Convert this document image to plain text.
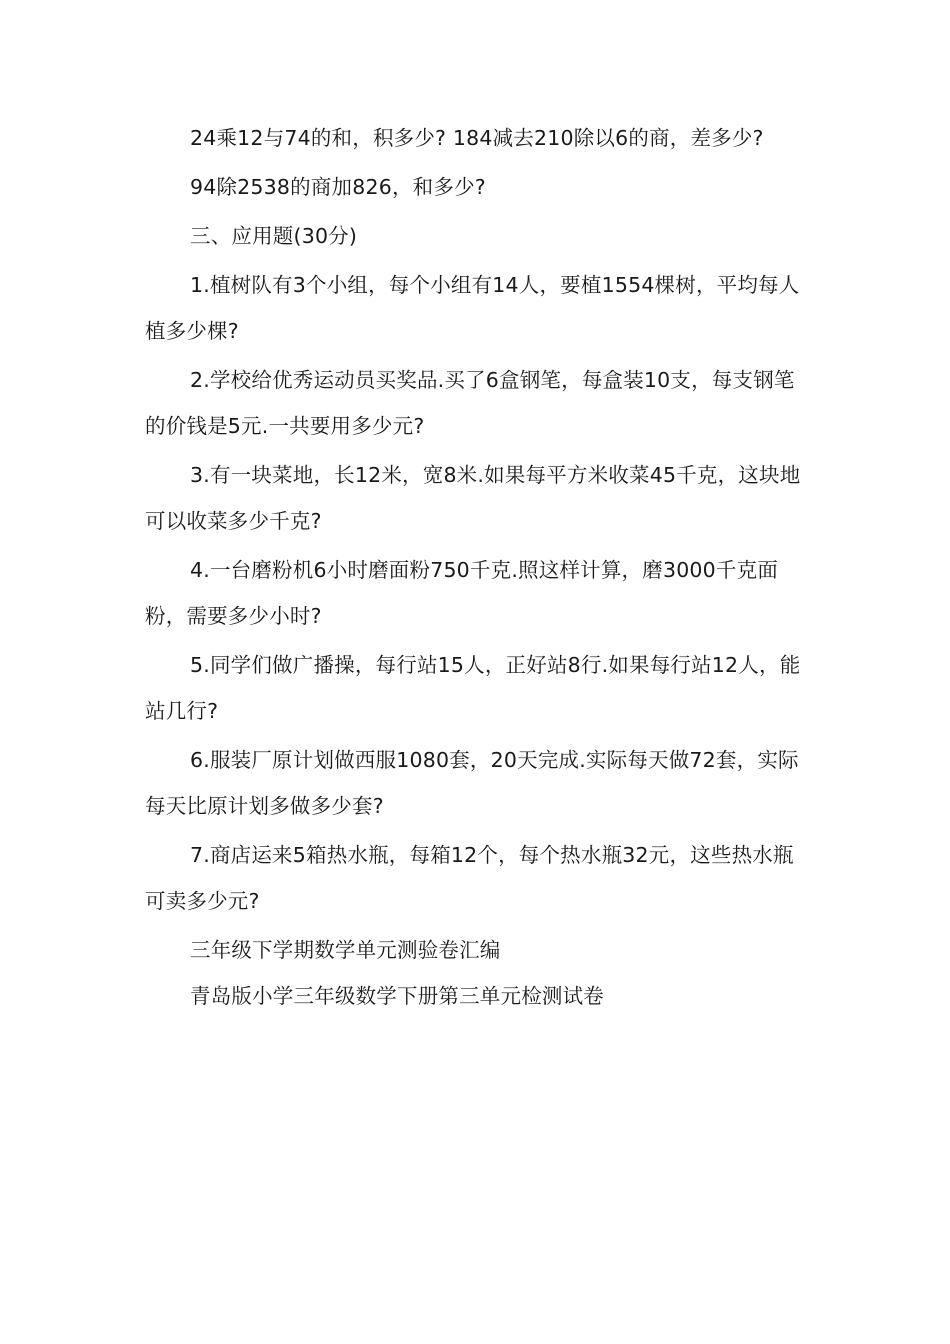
24乘12与74的和，积多少? 184减去210除以6的商，差多少?

94除2538的商加826，和多少?

三、应用题(30分)

1.植树队有3个小组，每个小组有14人，要植1554棵树，平均每人植多少棵?

2.学校给优秀运动员买奖品.买了6盒钢笔，每盒装10支，每支钢笔的价钱是5元.一共要用多少元?

3.有一块菜地，长12米，宽8米.如果每平方米收菜45千克，这块地可以收菜多少千克?

4.一台磨粉机6小时磨面粉750千克.照这样计算，磨3000千克面粉，需要多少小时?

5.同学们做广播操，每行站15人，正好站8行.如果每行站12人，能站几行?

6.服装厂原计划做西服1080套，20天完成.实际每天做72套，实际每天比原计划多做多少套?

7.商店运来5箱热水瓶，每箱12个，每个热水瓶32元，这些热水瓶可卖多少元?

三年级下学期数学单元测验卷汇编

青岛版小学三年级数学下册第三单元检测试卷
